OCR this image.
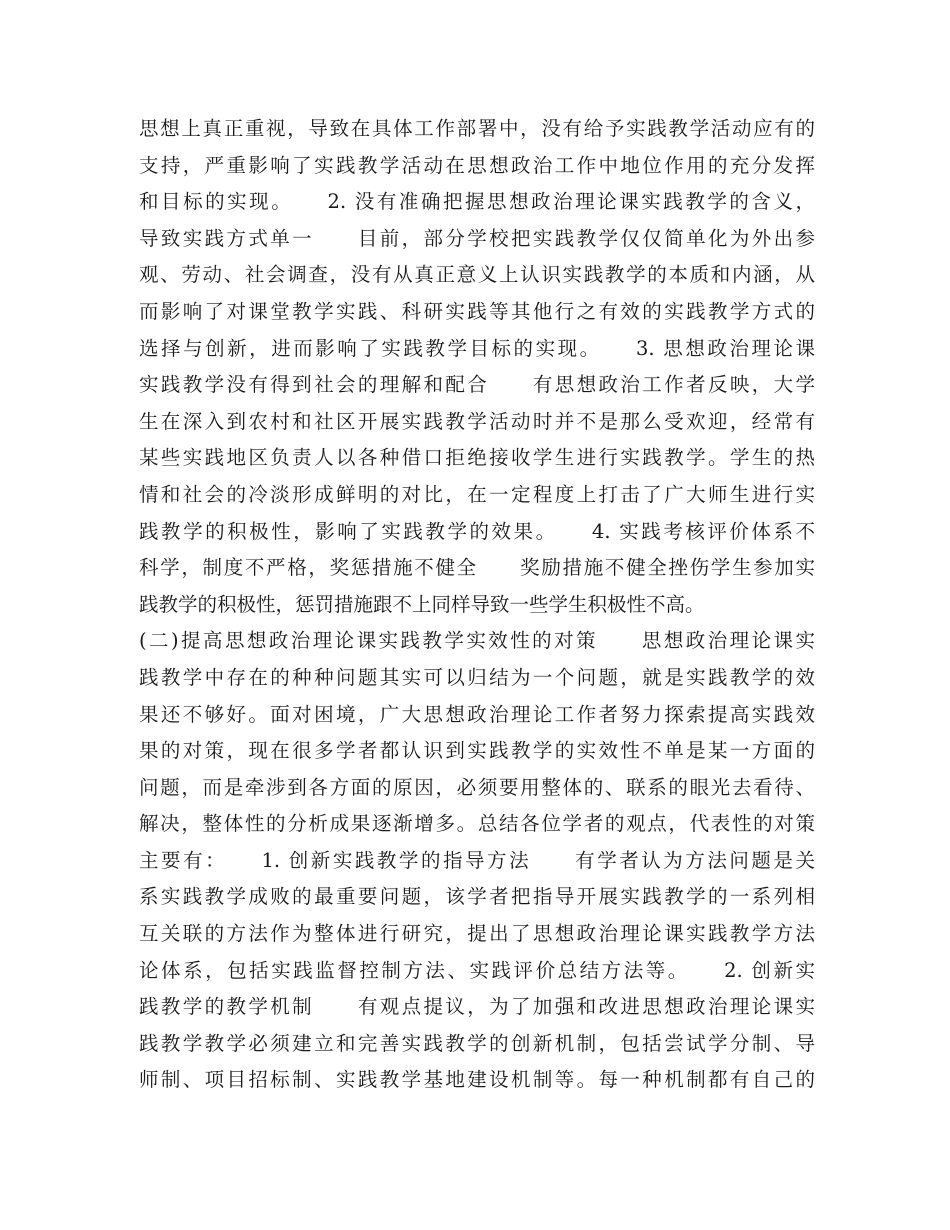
思想上真正重视，导致在具体工作部署中，没有给予实践教学活动应有的
支持，严重影响了实践教学活动在思想政治工作中地位作用的充分发挥
和目标的实现。　　2. 没有准确把握思想政治理论课实践教学的含义，
导致实践方式单一　　目前，部分学校把实践教学仅仅简单化为外出参
观、劳动、社会调查，没有从真正意义上认识实践教学的本质和内涵，从
而影响了对课堂教学实践、科研实践等其他行之有效的实践教学方式的
选择与创新，进而影响了实践教学目标的实现。　　3. 思想政治理论课
实践教学没有得到社会的理解和配合　　有思想政治工作者反映，大学
生在深入到农村和社区开展实践教学活动时并不是那么受欢迎，经常有
某些实践地区负责人以各种借口拒绝接收学生进行实践教学。学生的热
情和社会的冷淡形成鲜明的对比，在一定程度上打击了广大师生进行实
践教学的积极性，影响了实践教学的效果。　　4. 实践考核评价体系不
科学，制度不严格，奖惩措施不健全　　奖励措施不健全挫伤学生参加实
践教学的积极性，惩罚措施跟不上同样导致一些学生积极性不高。
(二)提高思想政治理论课实践教学实效性的对策　　思想政治理论课实
践教学中存在的种种问题其实可以归结为一个问题，就是实践教学的效
果还不够好。面对困境，广大思想政治理论工作者努力探索提高实践效
果的对策，现在很多学者都认识到实践教学的实效性不单是某一方面的
问题，而是牵涉到各方面的原因，必须要用整体的、联系的眼光去看待、
解决，整体性的分析成果逐渐增多。总结各位学者的观点，代表性的对策
主要有：　　1. 创新实践教学的指导方法　　有学者认为方法问题是关
系实践教学成败的最重要问题，该学者把指导开展实践教学的一系列相
互关联的方法作为整体进行研究，提出了思想政治理论课实践教学方法
论体系，包括实践监督控制方法、实践评价总结方法等。　　2. 创新实
践教学的教学机制　　有观点提议，为了加强和改进思想政治理论课实
践教学教学必须建立和完善实践教学的创新机制，包括尝试学分制、导
师制、项目招标制、实践教学基地建设机制等。每一种机制都有自己的
